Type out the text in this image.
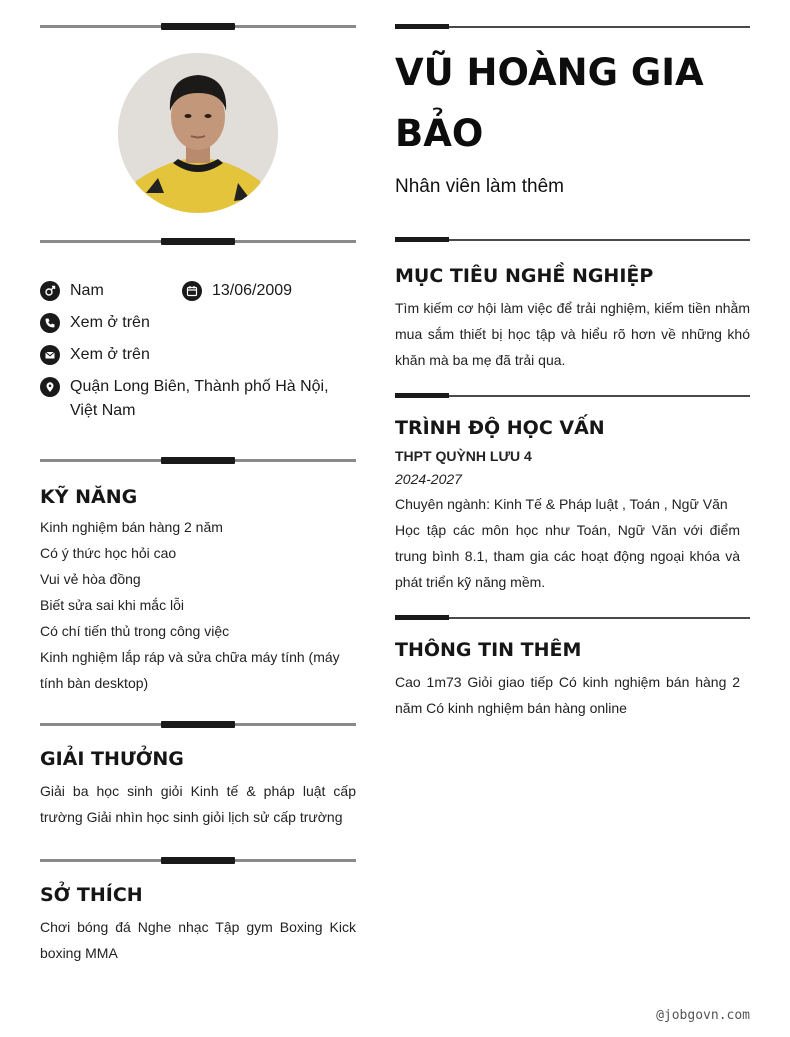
Nam	13/06/2009
Xem ở trên
Xem ở trên
Quận Long Biên, Thành phố Hà Nội, Việt Nam
KỸ NĂNG
Kinh nghiệm bán hàng 2 năm
Có ý thức học hỏi cao
Vui vẻ hòa đồng
Biết sửa sai khi mắc lỗi
Có chí tiến thủ trong công việc
Kinh nghiệm lắp ráp và sửa chữa máy tính (máy tính bàn desktop)
GIẢI THƯỞNG
Giải ba học sinh giỏi Kinh tế & pháp luật cấp trường Giải nhìn học sinh giỏi lịch sử cấp trường
SỞ THÍCH
Chơi bóng đá Nghe nhạc Tập gym Boxing Kick boxing MMA
VŨ HOÀNG GIA BẢO
Nhân viên làm thêm
MỤC TIÊU NGHỀ NGHIỆP
Tìm kiếm cơ hội làm việc để trải nghiệm, kiếm tiền nhằm mua sắm thiết bị học tập và hiểu rõ hơn về những khó khăn mà ba mẹ đã trải qua.
TRÌNH ĐỘ HỌC VẤN
THPT QUỲNH LƯU 4
2024-2027
Chuyên ngành: Kinh Tế & Pháp luật , Toán , Ngữ Văn
Học tập các môn học như Toán, Ngữ Văn với điểm trung bình 8.1, tham gia các hoạt động ngoại khóa và phát triển kỹ năng mềm.
THÔNG TIN THÊM
Cao 1m73 Giỏi giao tiếp Có kinh nghiệm bán hàng 2 năm Có kinh nghiệm bán hàng online
@jobgovn.com
